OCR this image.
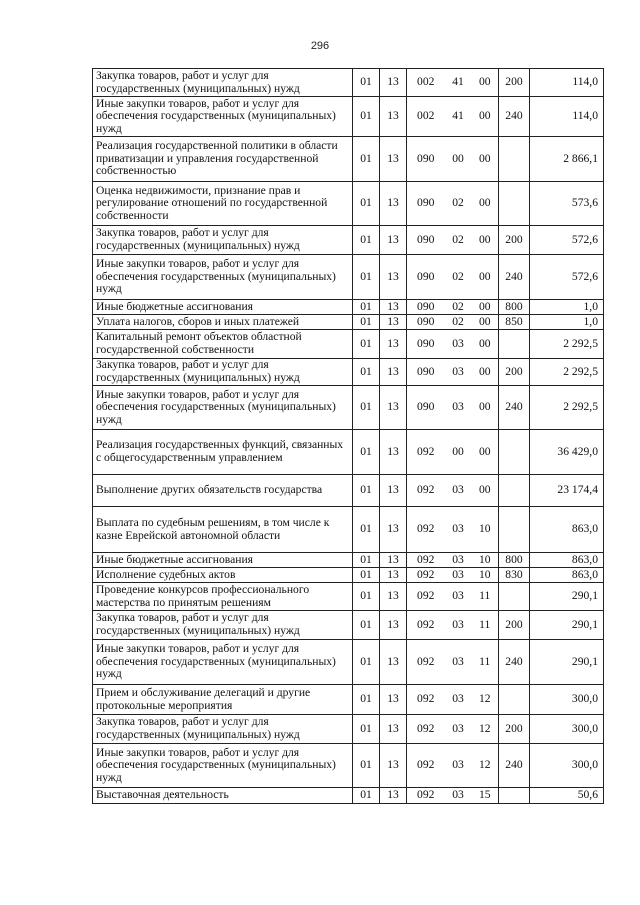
296
Закупка товаров, работ и услуг для государственных (муниципальных) нужд	01	13	002	41	00	200	114,0
Иные закупки товаров, работ и услуг для обеспечения государственных (муниципальных) нужд	01	13	002	41	00	240	114,0
Реализация государственной политики в области приватизации и управления государственной собственностью	01	13	090	00	00		2 866,1
Оценка недвижимости, признание прав и регулирование отношений по государственной собственности	01	13	090	02	00		573,6
Закупка товаров, работ и услуг для государственных (муниципальных) нужд	01	13	090	02	00	200	572,6
Иные закупки товаров, работ и услуг для обеспечения государственных (муниципальных) нужд	01	13	090	02	00	240	572,6
Иные бюджетные ассигнования	01	13	090	02	00	800	1,0
Уплата налогов, сборов и иных платежей	01	13	090	02	00	850	1,0
Капитальный ремонт объектов областной государственной собственности	01	13	090	03	00		2 292,5
Закупка товаров, работ и услуг для государственных (муниципальных) нужд	01	13	090	03	00	200	2 292,5
Иные закупки товаров, работ и услуг для обеспечения государственных (муниципальных) нужд	01	13	090	03	00	240	2 292,5
Реализация государственных функций, связанных с общегосударственным управлением	01	13	092	00	00		36 429,0
Выполнение других обязательств государства	01	13	092	03	00		23 174,4
Выплата по судебным решениям, в том числе к казне Еврейской автономной области	01	13	092	03	10		863,0
Иные бюджетные ассигнования	01	13	092	03	10	800	863,0
Исполнение судебных актов	01	13	092	03	10	830	863,0
Проведение конкурсов профессионального мастерства по принятым решениям	01	13	092	03	11		290,1
Закупка товаров, работ и услуг для государственных (муниципальных) нужд	01	13	092	03	11	200	290,1
Иные закупки товаров, работ и услуг для обеспечения государственных (муниципальных) нужд	01	13	092	03	11	240	290,1
Прием и обслуживание делегаций и другие протокольные мероприятия	01	13	092	03	12		300,0
Закупка товаров, работ и услуг для государственных (муниципальных) нужд	01	13	092	03	12	200	300,0
Иные закупки товаров, работ и услуг для обеспечения государственных (муниципальных) нужд	01	13	092	03	12	240	300,0
Выставочная деятельность	01	13	092	03	15		50,6
